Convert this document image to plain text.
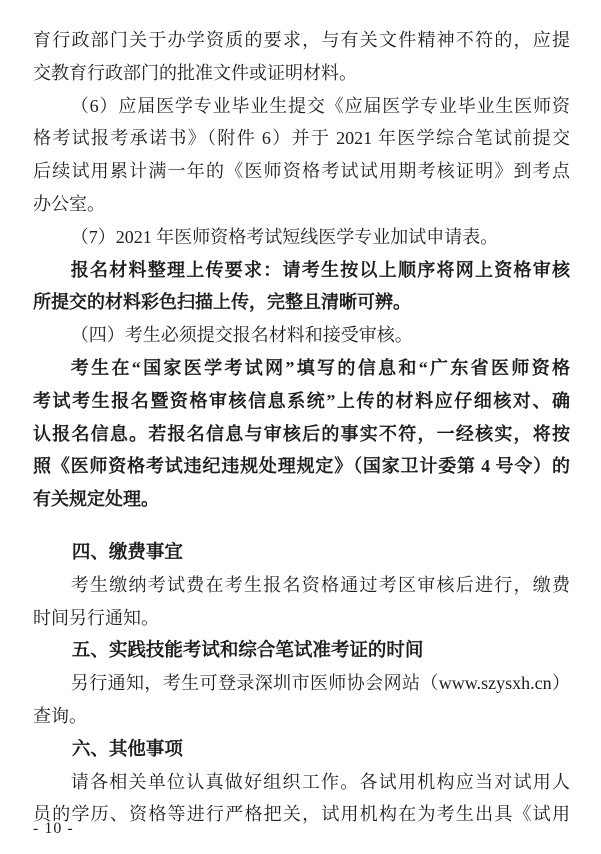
育行政部门关于办学资质的要求，与有关文件精神不符的，应提
交教育行政部门的批准文件或证明材料。
（6）应届医学专业毕业生提交《应届医学专业毕业生医师资
格考试报考承诺书》（附件 6）并于 2021 年医学综合笔试前提交
后续试用累计满一年的《医师资格考试试用期考核证明》到考点
办公室。
（7）2021 年医师资格考试短线医学专业加试申请表。
报名材料整理上传要求：请考生按以上顺序将网上资格审核
所提交的材料彩色扫描上传，完整且清晰可辨。
（四）考生必须提交报名材料和接受审核。
考生在“国家医学考试网”填写的信息和“广东省医师资格
考试考生报名暨资格审核信息系统”上传的材料应仔细核对、确
认报名信息。若报名信息与审核后的事实不符，一经核实，将按
照《医师资格考试违纪违规处理规定》（国家卫计委第 4 号令）的
有关规定处理。
四、缴费事宜
考生缴纳考试费在考生报名资格通过考区审核后进行，缴费
时间另行通知。
五、实践技能考试和综合笔试准考证的时间
另行通知，考生可登录深圳市医师协会网站（www.szysxh.cn）
查询。
六、其他事项
请各相关单位认真做好组织工作。各试用机构应当对试用人
员的学历、资格等进行严格把关，试用机构在为考生出具《试用
- 10 -
